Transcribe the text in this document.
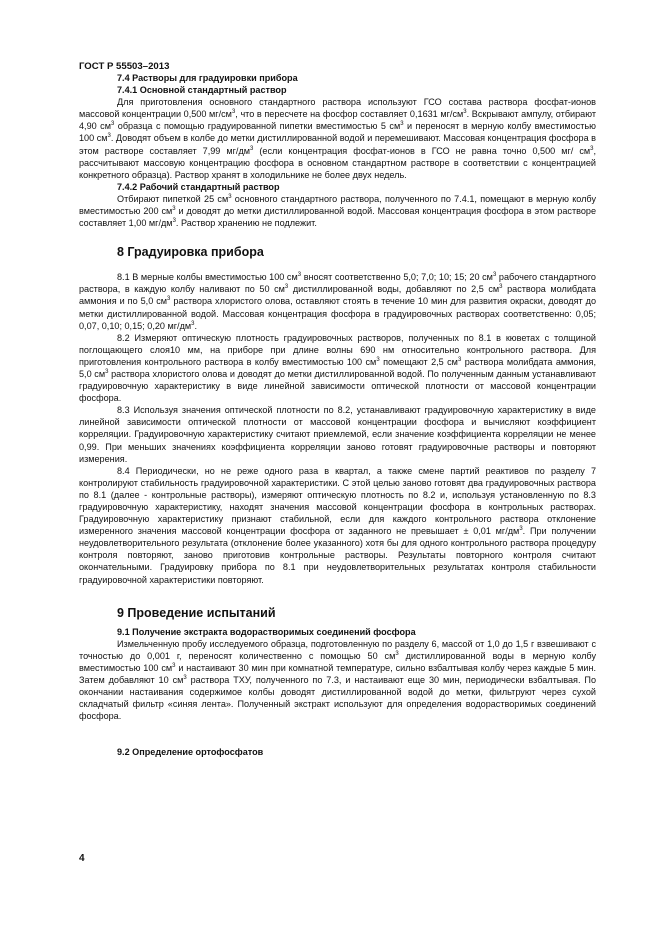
ГОСТ Р 55503–2013

7.4 Растворы для градуировки прибора

7.4.1 Основной стандартный раствор

Для приготовления основного стандартного раствора используют ГСО состава раствора фосфат-ионов массовой концентрации 0,500 $мг/см^3$, что в пересчете на фосфор составляет 0,1631 $мг/см^3$. Вскрывают ампулу, отбирают 4,90 $см^3$ образца с помощью градуированной пипетки вместимостью 5 $см^3$ и переносят в мерную колбу вместимостью 100 $см^3$. Доводят объем в колбе до метки дистиллированной водой и перемешивают. Массовая концентрация фосфора в этом растворе составляет 7,99 $мг/дм^3$ (если концентрация фосфат-ионов в ГСО не равна точно 0,500 мг/ $см^3$, рассчитывают массовую концентрацию фосфора в основном стандартном растворе в соответствии с концентрацией конкретного образца). Раствор хранят в холодильнике не более двух недель.

7.4.2 Рабочий стандартный раствор

Отбирают пипеткой 25 $см^3$ основного стандартного раствора, полученного по 7.4.1, помещают в мерную колбу вместимостью 200 $см^3$ и доводят до метки дистиллированной водой. Массовая концентрация фосфора в этом растворе составляет 1,00 $мг/дм^3$. Раствор хранению не подлежит.

8 Градуировка прибора

8.1 В мерные колбы вместимостью 100 $см^3$ вносят соответственно 5,0; 7,0; 10; 15; 20 $см^3$ рабочего стандартного раствора, в каждую колбу наливают по 50 $см^3$ дистиллированной воды, добавляют по 2,5 $см^3$ раствора молибдата аммония и по 5,0 $см^3$ раствора хлористого олова, оставляют стоять в течение 10 мин для развития окраски, доводят до метки дистиллированной водой. Массовая концентрация фосфора в градуировочных растворах соответственно: 0,05; 0,07, 0,10; 0,15; 0,20 $мг/дм^3$.

8.2 Измеряют оптическую плотность градуировочных растворов, полученных по 8.1 в кюветах с толщиной поглощающего слоя10 мм, на приборе при длине волны 690 нм относительно контрольного раствора. Для приготовления контрольного раствора в колбу вместимостью 100 $см^3$ помещают 2,5 $см^3$ раствора молибдата аммония, 5,0 $см^3$ раствора хлористого олова и доводят до метки дистиллированной водой. По полученным данным устанавливают градуировочную характеристику в виде линейной зависимости оптической плотности от массовой концентрации фосфора.

8.3 Используя значения оптической плотности по 8.2, устанавливают градуировочную характеристику в виде линейной зависимости оптической плотности от массовой концентрации фосфора и вычисляют коэффициент корреляции. Градуировочную характеристику считают приемлемой, если значение коэффициента корреляции не менее 0,99. При меньших значениях коэффициента корреляции заново готовят градуировочные растворы и повторяют измерения.

8.4 Периодически, но не реже одного раза в квартал, а также смене партий реактивов по разделу 7 контролируют стабильность градуировочной характеристики. С этой целью заново готовят два градуировочных раствора по 8.1 (далее - контрольные растворы), измеряют оптическую плотность по 8.2 и, используя установленную по 8.3 градуировочную характеристику, находят значения массовой концентрации фосфора в контрольных растворах. Градуировочную характеристику признают стабильной, если для каждого контрольного раствора отклонение измеренного значения массовой концентрации фосфора от заданного не превышает ± 0,01 $мг/дм^3$. При получении неудовлетворительного результата (отклонение более указанного) хотя бы для одного контрольного раствора процедуру контроля повторяют, заново приготовив контрольные растворы. Результаты повторного контроля считают окончательными. Градуировку прибора по 8.1 при неудовлетворительных результатах контроля стабильности градуировочной характеристики повторяют.

9 Проведение испытаний

9.1 Получение экстракта водорастворимых соединений фосфора

Измельченную пробу исследуемого образца, подготовленную по разделу 6, массой от 1,0 до 1,5 г взвешивают с точностью до 0,001 г, переносят количественно с помощью 50 $см^3$ дистиллированной воды в мерную колбу вместимостью 100 $см^3$ и настаивают 30 мин при комнатной температуре, сильно взбалтывая колбу через каждые 5 мин. Затем добавляют 10 $см^3$ раствора ТХУ, полученного по 7.3, и настаивают еще 30 мин, периодически взбалтывая. По окончании настаивания содержимое колбы доводят дистиллированной водой до метки, фильтруют через сухой складчатый фильтр «синяя лента». Полученный экстракт используют для определения водорастворимых соединений фосфора.

9.2 Определение ортофосфатов

4
